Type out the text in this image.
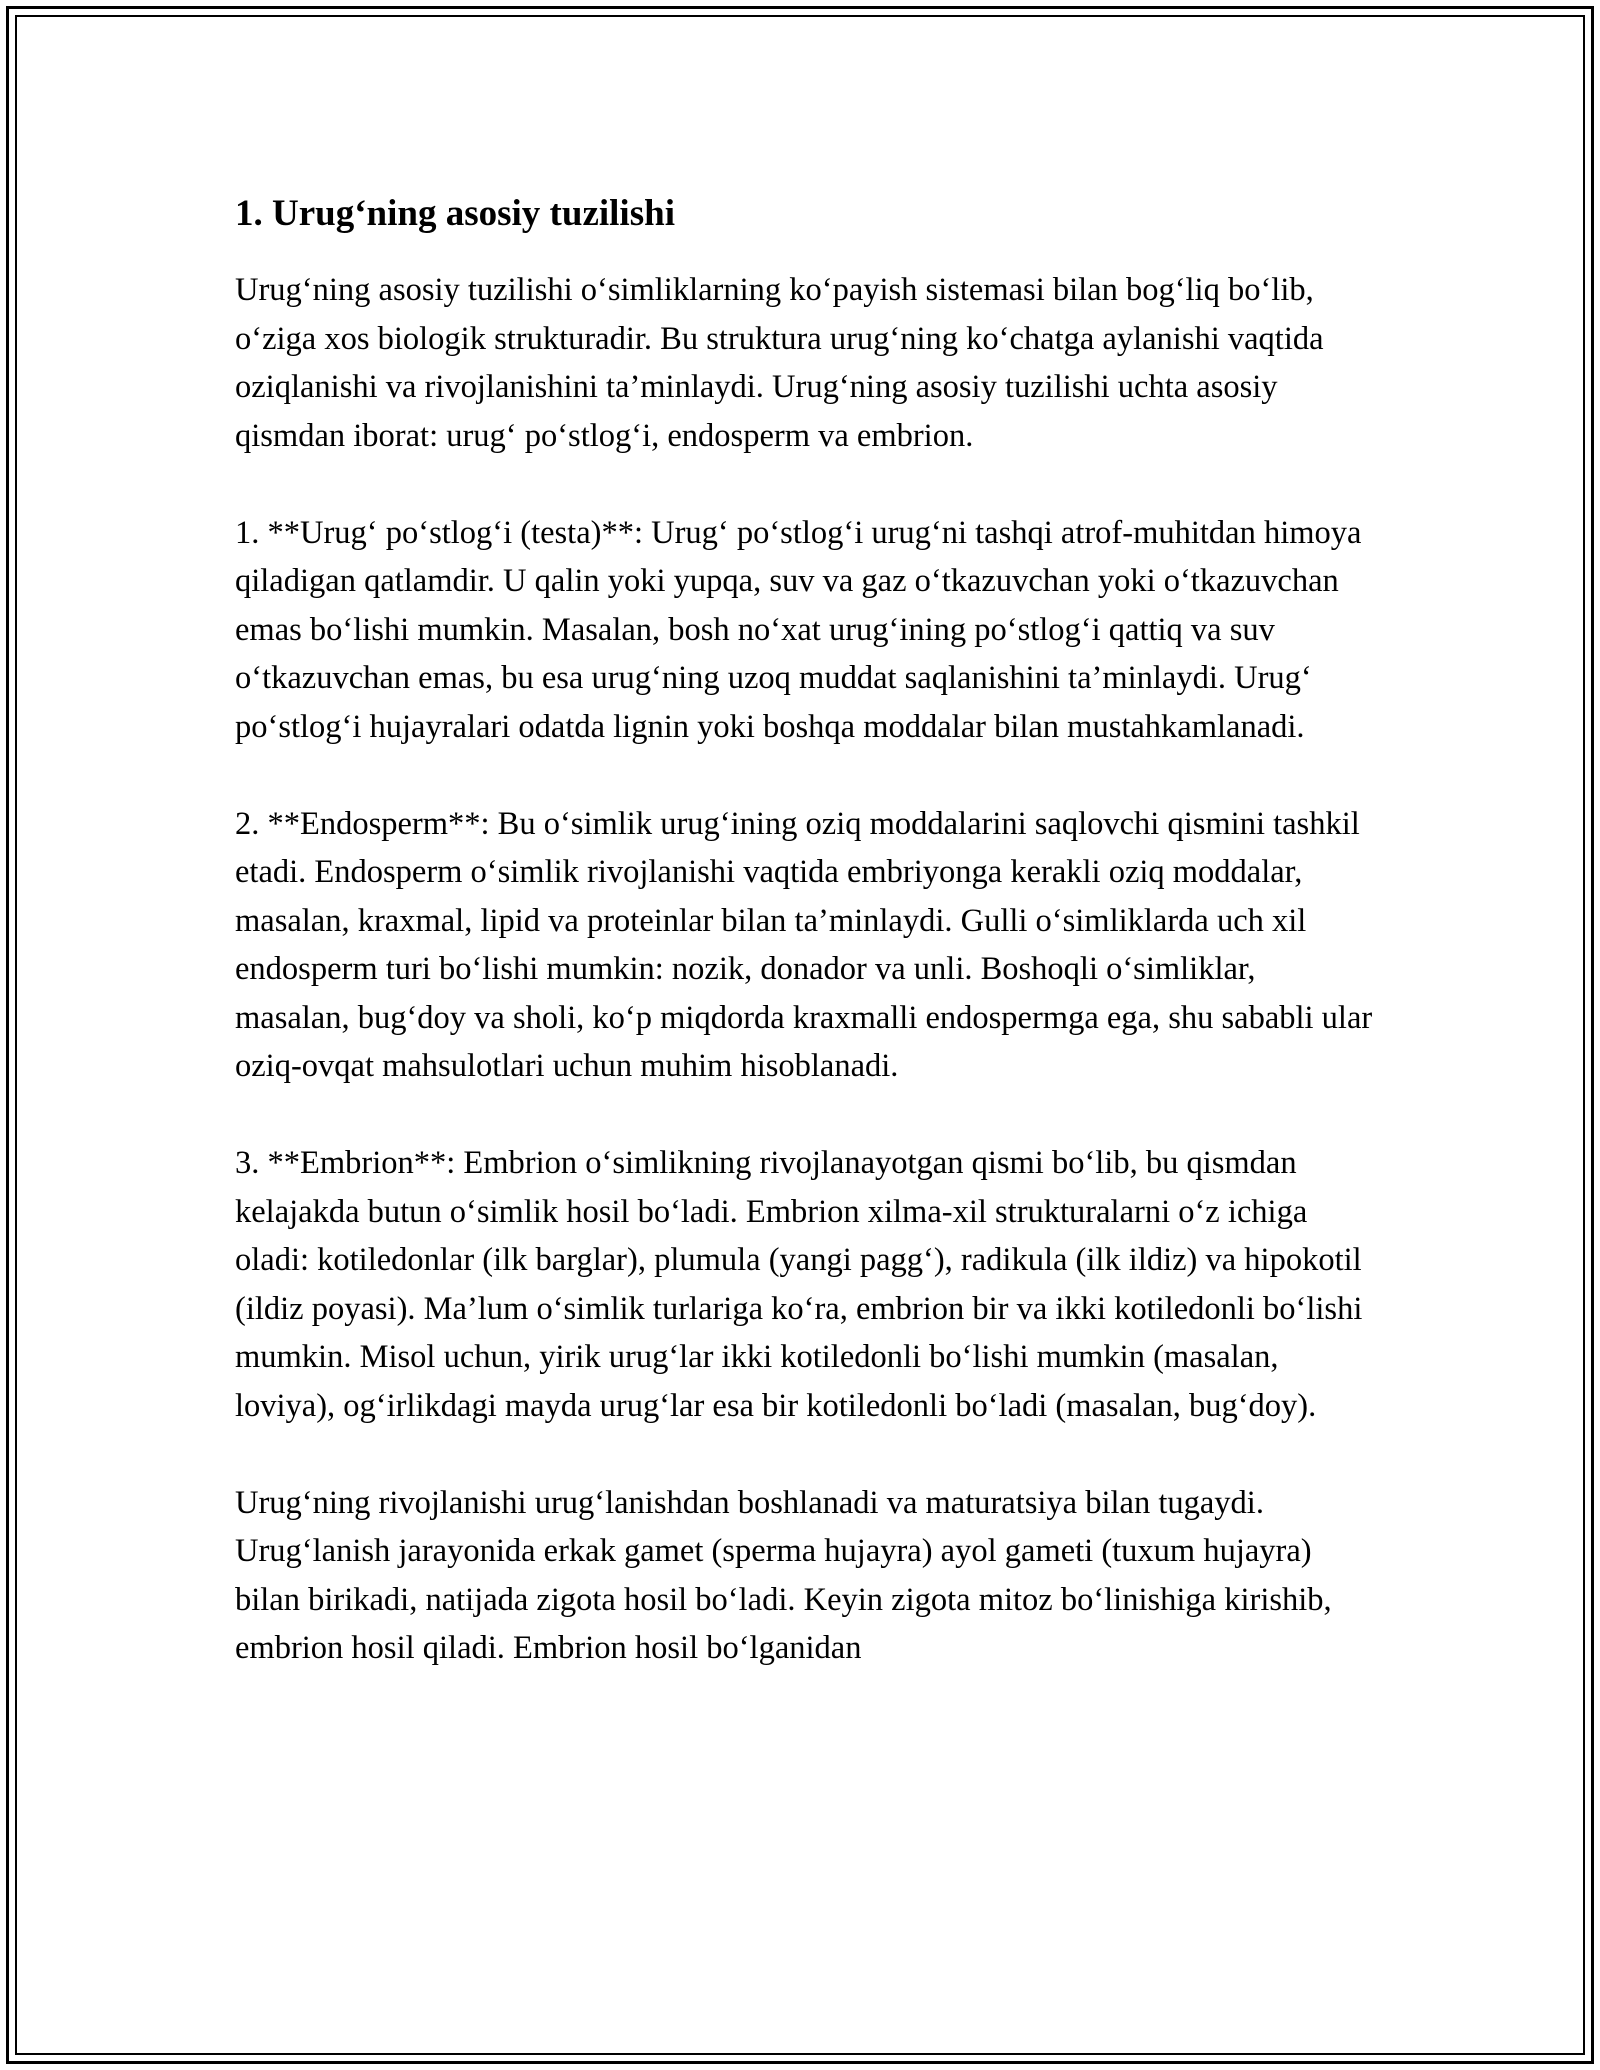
1. Urug‘ning asosiy tuzilishi

Urug‘ning asosiy tuzilishi o‘simliklarning ko‘payish sistemasi bilan bog‘liq bo‘lib, o‘ziga xos biologik strukturadir. Bu struktura urug‘ning ko‘chatga aylanishi vaqtida oziqlanishi va rivojlanishini ta’minlaydi. Urug‘ning asosiy tuzilishi uchta asosiy qismdan iborat: urug‘ po‘stlog‘i, endosperm va embrion.

1. **Urug‘ po‘stlog‘i (testa)**: Urug‘ po‘stlog‘i urug‘ni tashqi atrof-muhitdan himoya qiladigan qatlamdir. U qalin yoki yupqa, suv va gaz o‘tkazuvchan yoki o‘tkazuvchan emas bo‘lishi mumkin. Masalan, bosh no‘xat urug‘ining po‘stlog‘i qattiq va suv o‘tkazuvchan emas, bu esa urug‘ning uzoq muddat saqlanishini ta’minlaydi. Urug‘ po‘stlog‘i hujayralari odatda lignin yoki boshqa moddalar bilan mustahkamlanadi.

2. **Endosperm**: Bu o‘simlik urug‘ining oziq moddalarini saqlovchi qismini tashkil etadi. Endosperm o‘simlik rivojlanishi vaqtida embriyonga kerakli oziq moddalar, masalan, kraxmal, lipid va proteinlar bilan ta’minlaydi. Gulli o‘simliklarda uch xil endosperm turi bo‘lishi mumkin: nozik, donador va unli. Boshoqli o‘simliklar, masalan, bug‘doy va sholi, ko‘p miqdorda kraxmalli endospermga ega, shu sababli ular oziq-ovqat mahsulotlari uchun muhim hisoblanadi.

3. **Embrion**: Embrion o‘simlikning rivojlanayotgan qismi bo‘lib, bu qismdan kelajakda butun o‘simlik hosil bo‘ladi. Embrion xilma-xil strukturalarni o‘z ichiga oladi: kotiledonlar (ilk barglar), plumula (yangi pagg‘), radikula (ilk ildiz) va hipokotil (ildiz poyasi). Ma’lum o‘simlik turlariga ko‘ra, embrion bir va ikki kotiledonli bo‘lishi mumkin. Misol uchun, yirik urug‘lar ikki kotiledonli bo‘lishi mumkin (masalan, loviya), og‘irlikdagi mayda urug‘lar esa bir kotiledonli bo‘ladi (masalan, bug‘doy).

Urug‘ning rivojlanishi urug‘lanishdan boshlanadi va maturatsiya bilan tugaydi. Urug‘lanish jarayonida erkak gamet (sperma hujayra) ayol gameti (tuxum hujayra) bilan birikadi, natijada zigota hosil bo‘ladi. Keyin zigota mitoz bo‘linishiga kirishib, embrion hosil qiladi. Embrion hosil bo‘lganidan
